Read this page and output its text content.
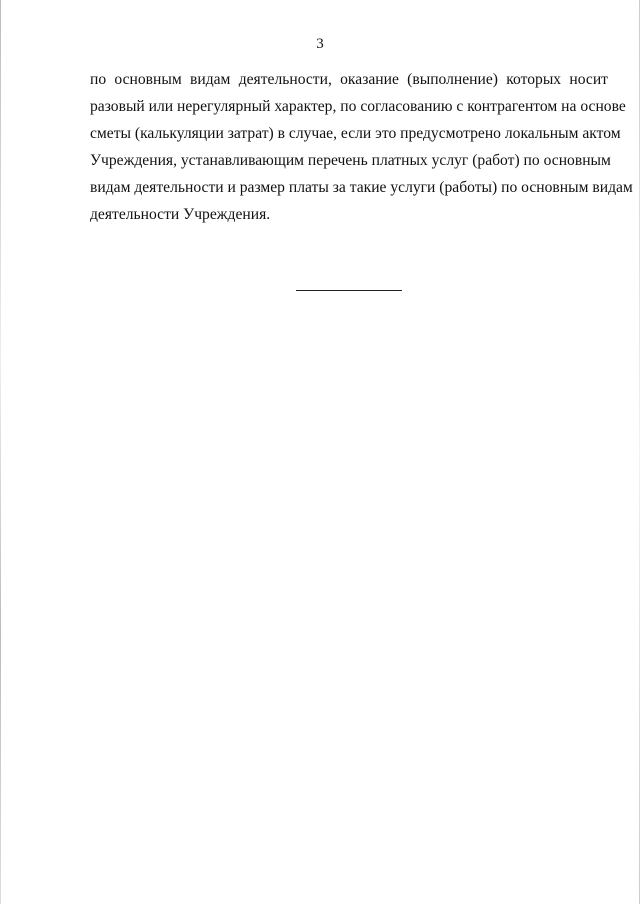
3

по основным видам деятельности, оказание (выполнение) которых носит
разовый или нерегулярный характер, по согласованию с контрагентом на основе
сметы (калькуляции затрат) в случае, если это предусмотрено локальным актом
Учреждения, устанавливающим перечень платных услуг (работ) по основным
видам деятельности и размер платы за такие услуги (работы) по основным видам
деятельности Учреждения.
